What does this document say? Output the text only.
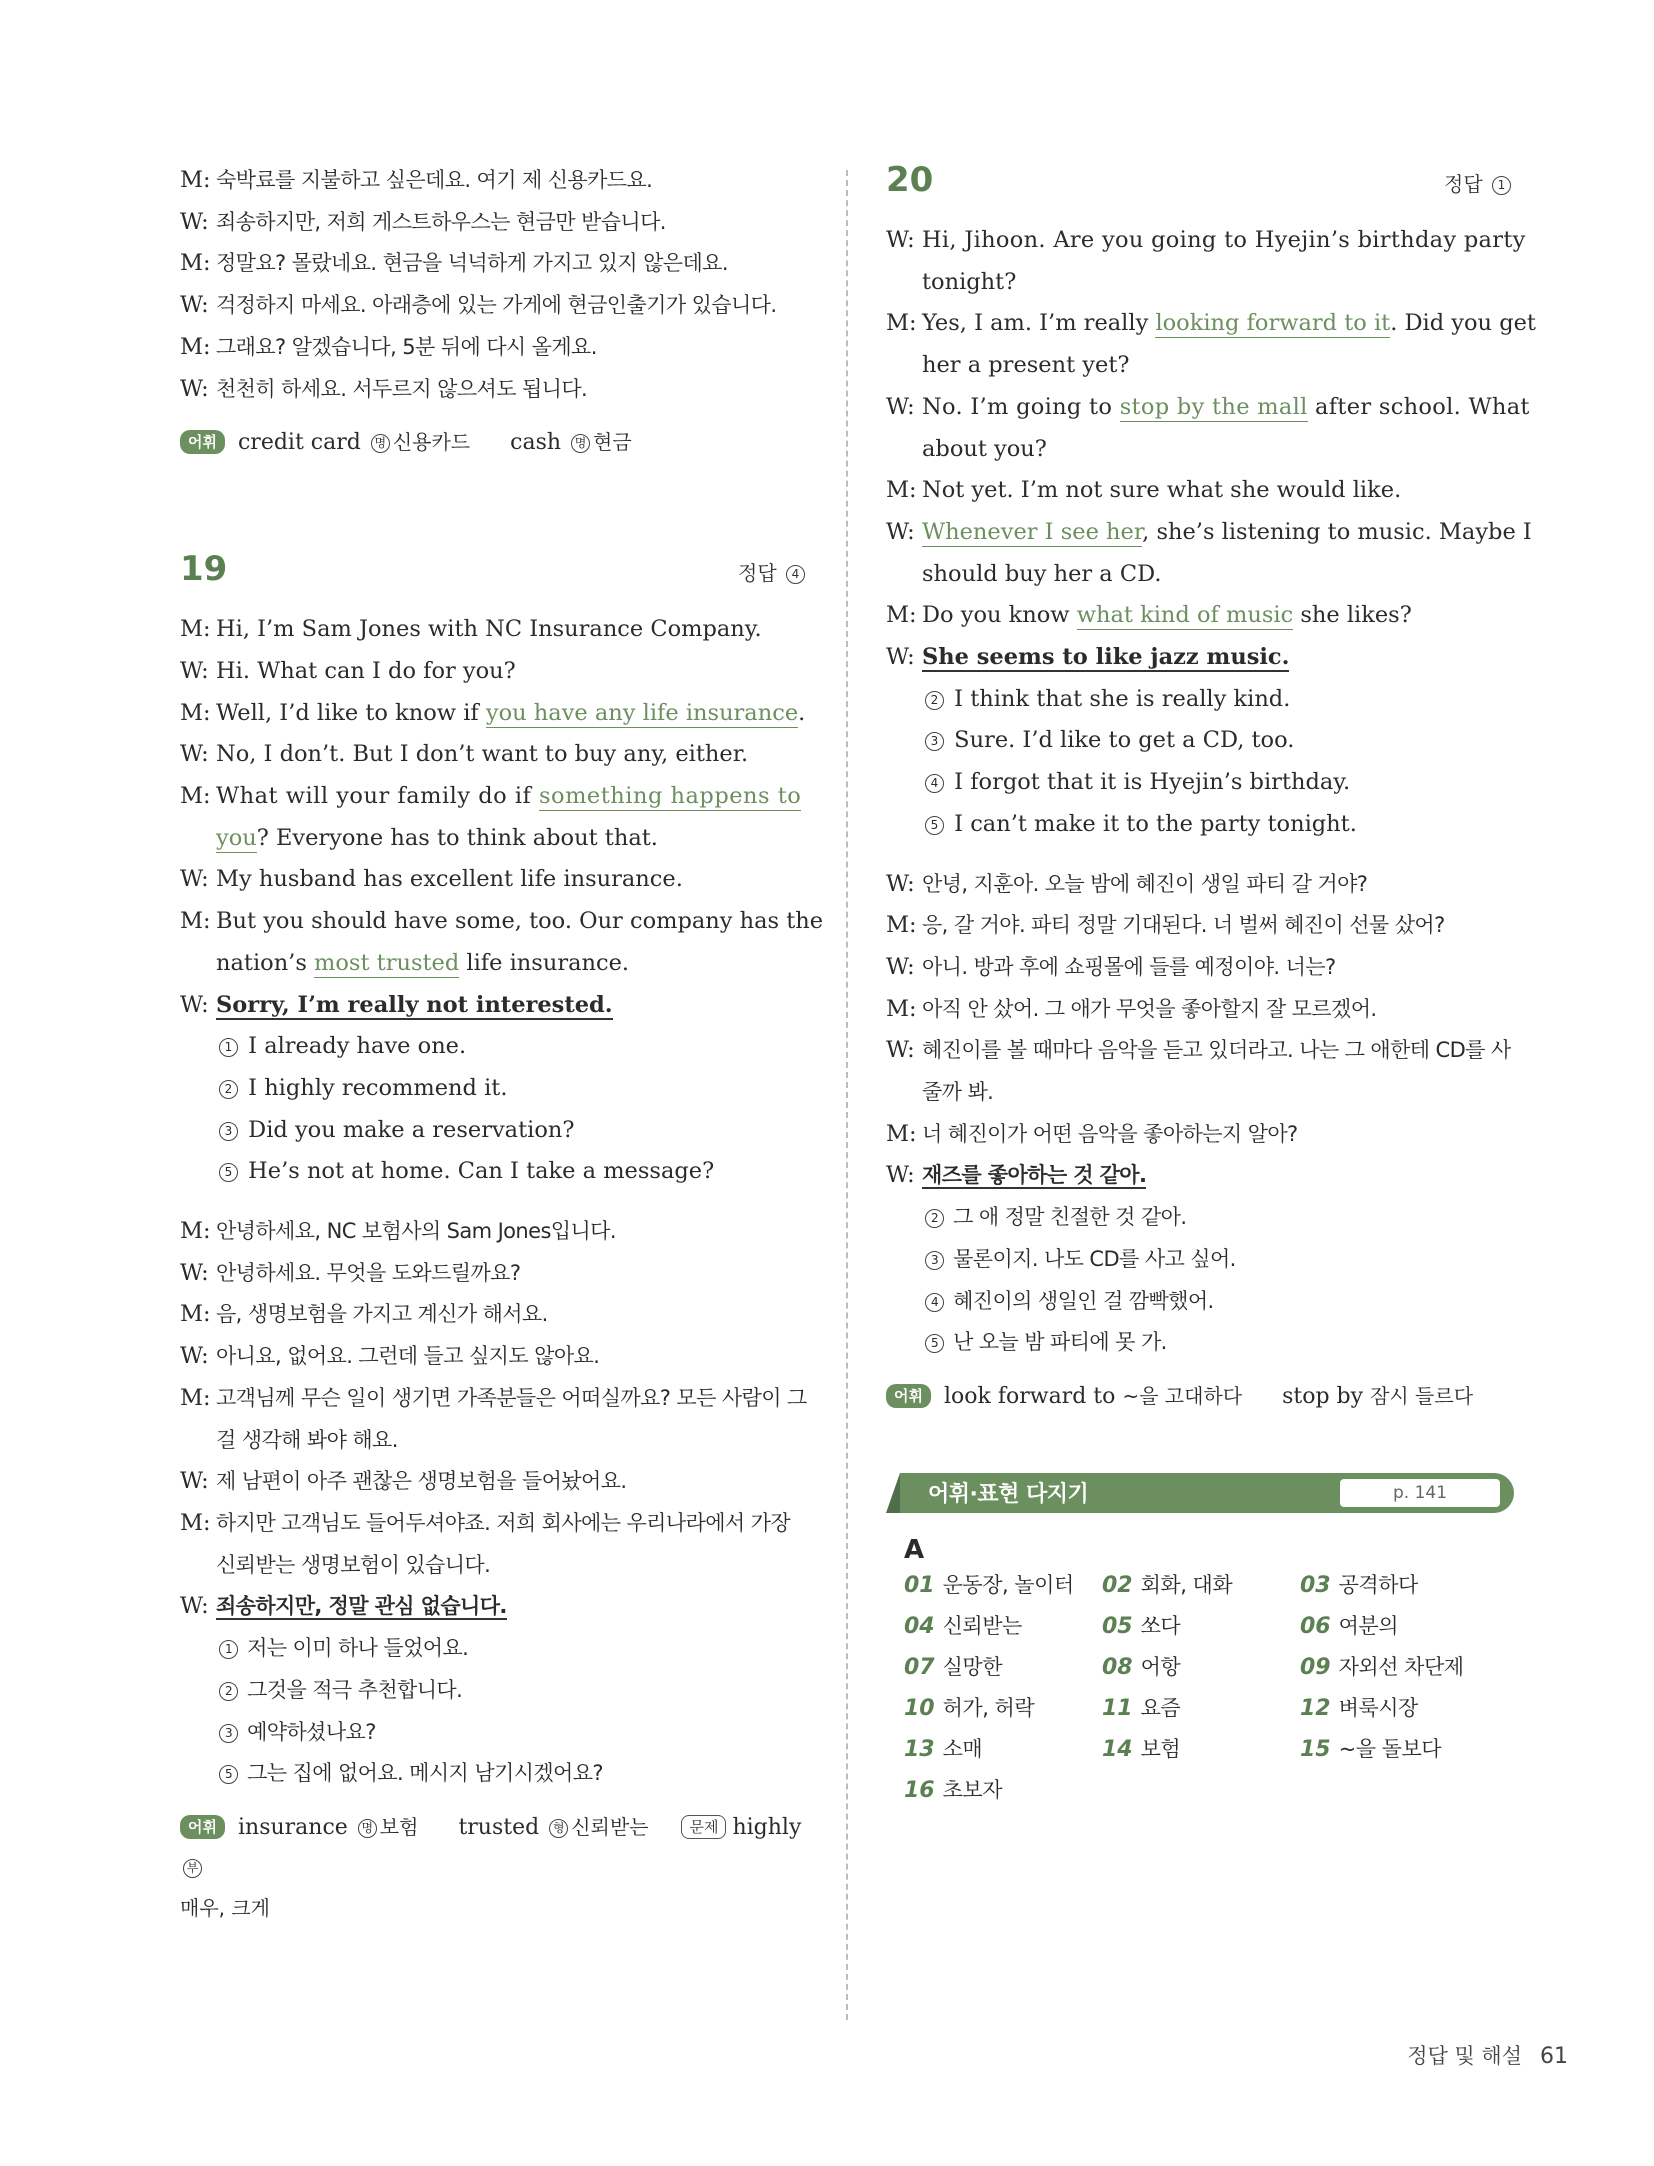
M: 숙박료를 지불하고 싶은데요. 여기 제 신용카드요.
W: 죄송하지만, 저희 게스트하우스는 현금만 받습니다.
M: 정말요? 몰랐네요. 현금을 넉넉하게 가지고 있지 않은데요.
W: 걱정하지 마세요. 아래층에 있는 가게에 현금인출기가 있습니다.
M: 그래요? 알겠습니다, 5분 뒤에 다시 올게요.
W: 천천히 하세요. 서두르지 않으셔도 됩니다.
어휘 credit card 명 신용카드 cash 명 현금
19	정답 4
M: Hi, I’m Sam Jones with NC Insurance Company.
W: Hi. What can I do for you?
M: Well, I’d like to know if you have any life insurance.
W: No, I don’t. But I don’t want to buy any, either.
M: What will your family do if something happens to
you? Everyone has to think about that.
W: My husband has excellent life insurance.
M: But you should have some, too. Our company has the
nation’s most trusted life insurance.
W: Sorry, I’m really not interested.
1 I already have one.
2 I highly recommend it.
3 Did you make a reservation?
5 He’s not at home. Can I take a message?
M: 안녕하세요, NC 보험사의 Sam Jones입니다.
W: 안녕하세요. 무엇을 도와드릴까요?
M: 음, 생명보험을 가지고 계신가 해서요.
W: 아니요, 없어요. 그런데 들고 싶지도 않아요.
M: 고객님께 무슨 일이 생기면 가족분들은 어떠실까요? 모든 사람이 그
걸 생각해 봐야 해요.
W: 제 남편이 아주 괜찮은 생명보험을 들어놨어요.
M: 하지만 고객님도 들어두셔야죠. 저희 회사에는 우리나라에서 가장
신뢰받는 생명보험이 있습니다.
W: 죄송하지만, 정말 관심 없습니다.
1 저는 이미 하나 들었어요.
2 그것을 적극 추천합니다.
3 예약하셨나요?
5 그는 집에 없어요. 메시지 남기시겠어요?
어휘 insurance 명 보험 trusted 형 신뢰받는	문제 highly 부
매우, 크게
20	정답 1
W: Hi, Jihoon. Are you going to Hyejin’s birthday party
tonight?
M: Yes, I am. I’m really looking forward to it. Did you get
her a present yet?
W: No. I’m going to stop by the mall after school. What
about you?
M: Not yet. I’m not sure what she would like.
W: Whenever I see her, she’s listening to music. Maybe I
should buy her a CD.
M: Do you know what kind of music she likes?
W: She seems to like jazz music.
2 I think that she is really kind.
3 Sure. I’d like to get a CD, too.
4 I forgot that it is Hyejin’s birthday.
5 I can’t make it to the party tonight.
W: 안녕, 지훈아. 오늘 밤에 혜진이 생일 파티 갈 거야?
M: 응, 갈 거야. 파티 정말 기대된다. 너 벌써 혜진이 선물 샀어?
W: 아니. 방과 후에 쇼핑몰에 들를 예정이야. 너는?
M: 아직 안 샀어. 그 애가 무엇을 좋아할지 잘 모르겠어.
W: 혜진이를 볼 때마다 음악을 듣고 있더라고. 나는 그 애한테 CD를 사
줄까 봐.
M: 너 혜진이가 어떤 음악을 좋아하는지 알아?
W: 재즈를 좋아하는 것 같아.
2 그 애 정말 친절한 것 같아.
3 물론이지. 나도 CD를 사고 싶어.
4 혜진이의 생일인 걸 깜빡했어.
5 난 오늘 밤 파티에 못 가.
어휘 look forward to ~을 고대하다 stop by 잠시 들르다
어휘·표현 다지기	p. 141
A
01 운동장, 놀이터	02 회화, 대화	03 공격하다
04 신뢰받는	05 쏘다	06 여분의
07 실망한	08 어항	09 자외선 차단제
10 허가, 허락	11 요즘	12 벼룩시장
13 소매	14 보험	15 ~을 돌보다
16 초보자
정답 및 해설 61
